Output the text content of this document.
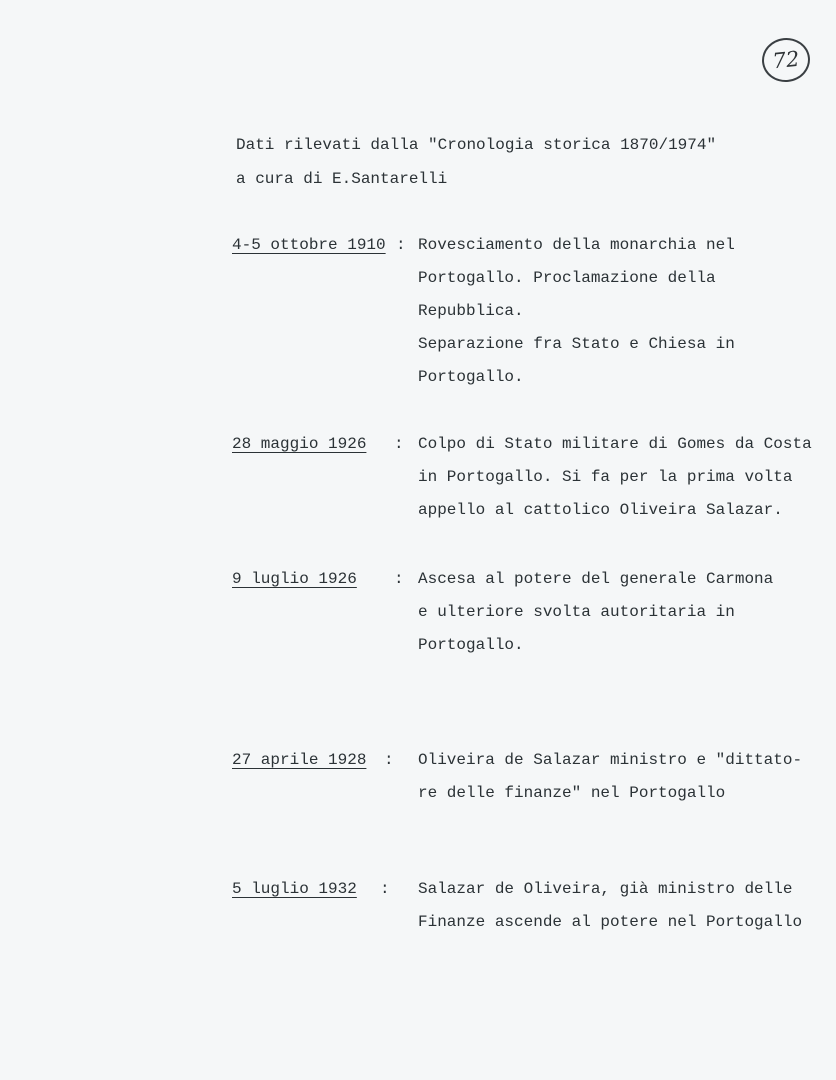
72
Dati rilevati dalla "Cronologia storica 1870/1974"
a cura di E.Santarelli
4-5 ottobre 1910 : Rovesciamento della monarchia nel
Portogallo. Proclamazione della
Repubblica.
Separazione fra Stato e Chiesa in
Portogallo.
28 maggio 1926 : Colpo di Stato militare di Gomes da Costa
in Portogallo. Si fa per la prima volta
appello al cattolico Oliveira Salazar.
9 luglio 1926 : Ascesa al potere del generale Carmona
e ulteriore svolta autoritaria in
Portogallo.
27 aprile 1928 : Oliveira de Salazar ministro e "dittato-
re delle finanze" nel Portogallo
5 luglio 1932 : Salazar de Oliveira, già ministro delle
Finanze ascende al potere nel Portogallo
